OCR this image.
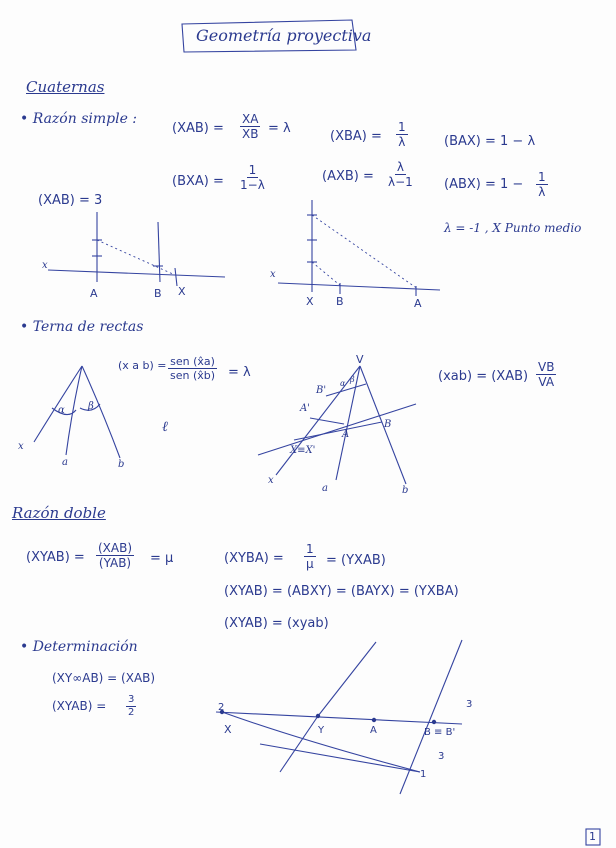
Geometría proyectiva
Cuaternas
• Razón simple :
$(XAB) = \frac{XA}{XB} = \lambda$
$(XBA) = \frac{1}{\lambda}$	(BAX) = 1 − λ
$(BXA) = \frac{1}{1-\lambda}$	$(AXB) = \frac{\lambda}{\lambda-1} (ABX) = 1 - \frac{1}{\lambda}$
(XAB) = 3
λ = -1 , X Punto medio
x
A	B X
x
X B	A
• Terna de rectas
(x a b) = sen (x̂a)
sen (x̂b) = λ	$(xab) = (XAB) \frac{VB}{VA}$
x
a	b
α β
ℓ
V
B'
A'
A
B
X≡X'
x
a	b
α β
Razón doble
(XYAB) =
(XAB)
(YAB) = μ	(XYBA) = $\frac{1}{\mu}$ = (YXAB)
(XYAB) = (ABXY) = (BAYX) = (YXBA)
(XYAB) = (xyab)
• Determinación
(XY∞AB) = (XAB)
(XYAB) = $\frac{3}{2}$
X	Y	A	B ≡ B'
3
3
1
2
1
